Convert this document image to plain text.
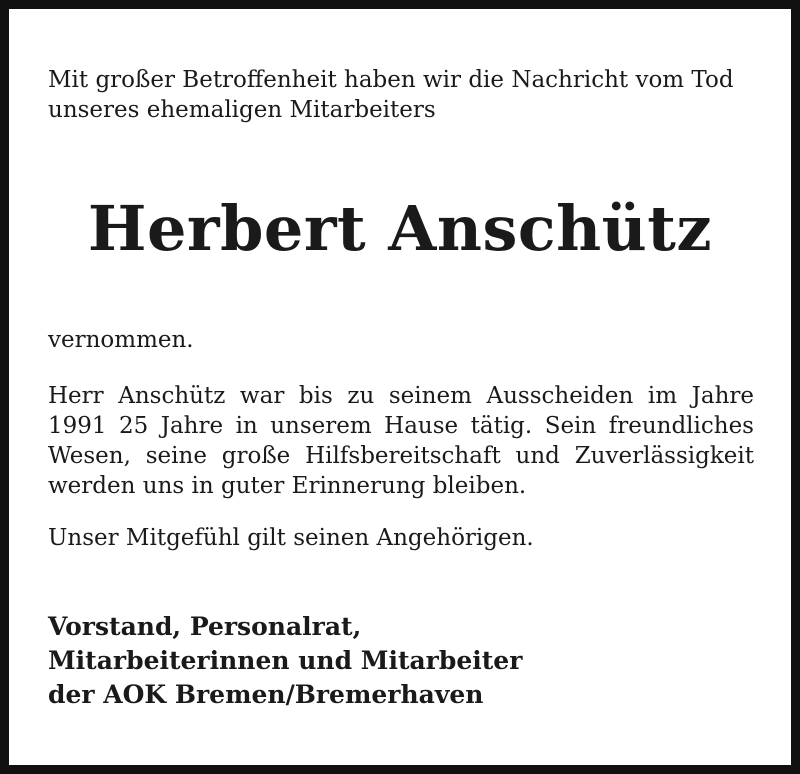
Mit großer Betroffenheit haben wir die Nachricht vom Tod
unseres ehemaligen Mitarbeiters

Herbert Anschütz

vernommen.

Herr Anschütz war bis zu seinem Ausscheiden im Jahre
1991 25 Jahre in unserem Hause tätig. Sein freundliches
Wesen, seine große Hilfsbereitschaft und Zuverlässigkeit
werden uns in guter Erinnerung bleiben.

Unser Mitgefühl gilt seinen Angehörigen.

Vorstand, Personalrat,
Mitarbeiterinnen und Mitarbeiter
der AOK Bremen/Bremerhaven
